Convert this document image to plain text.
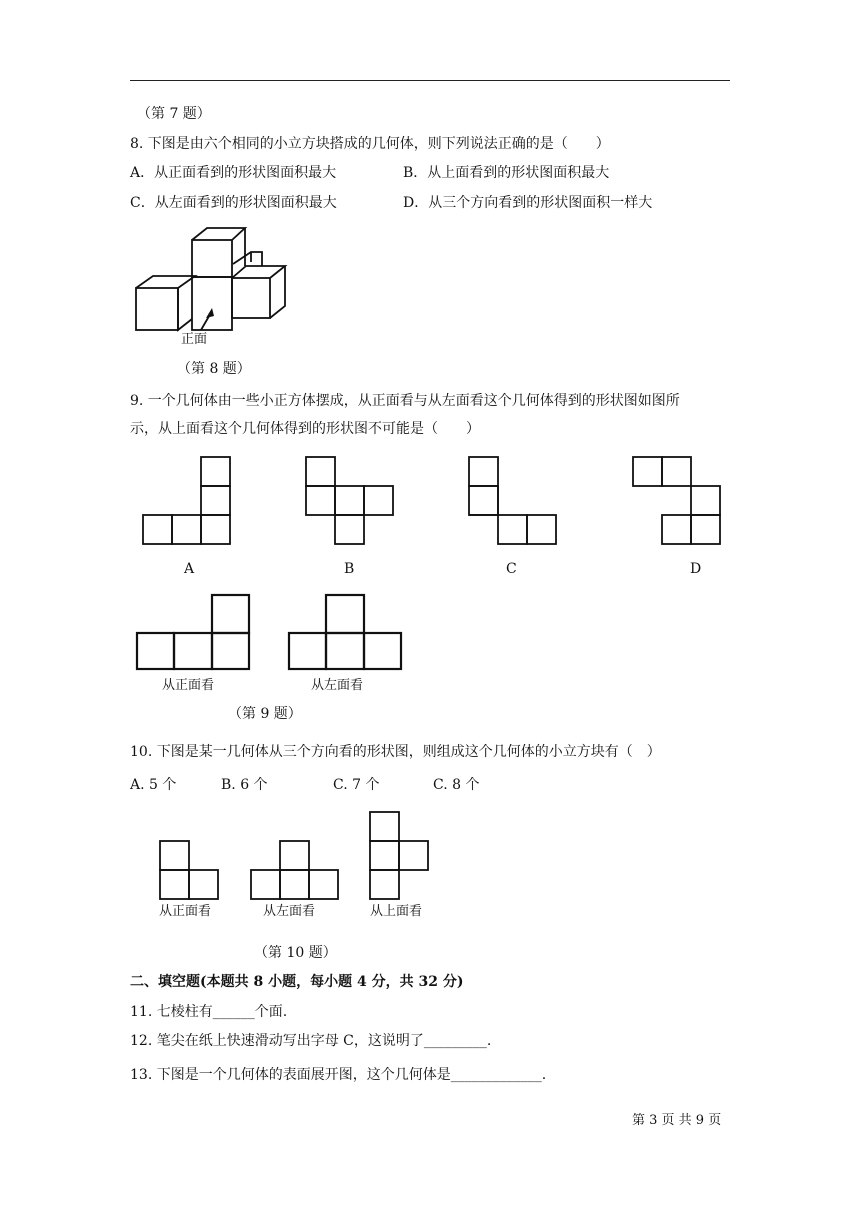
（第 7 题）
8. 下图是由六个相同的小立方块搭成的几何体，则下列说法正确的是（　　）
A．从正面看到的形状图面积最大	B．从上面看到的形状图面积最大
C．从左面看到的形状图面积最大	D．从三个方向看到的形状图面积一样大
正面
（第 8 题）
9. 一个几何体由一些小正方体摆成，从正面看与从左面看这个几何体得到的形状图如图所
示，从上面看这个几何体得到的形状图不可能是（　　）
A	B	C	D
从正面看	从左面看
（第 9 题）
10. 下图是某一几何体从三个方向看的形状图，则组成这个几何体的小立方块有（　）
A. 5 个	B. 6 个	C. 7 个	C. 8 个
从正面看	从左面看	从上面看
（第 10 题）
二、填空题(本题共 8 小题，每小题 4 分，共 32 分)
11. 七棱柱有______个面.
12. 笔尖在纸上快速滑动写出字母 C，这说明了_________.
13. 下图是一个几何体的表面展开图，这个几何体是_____________.
第 3 页 共 9 页
